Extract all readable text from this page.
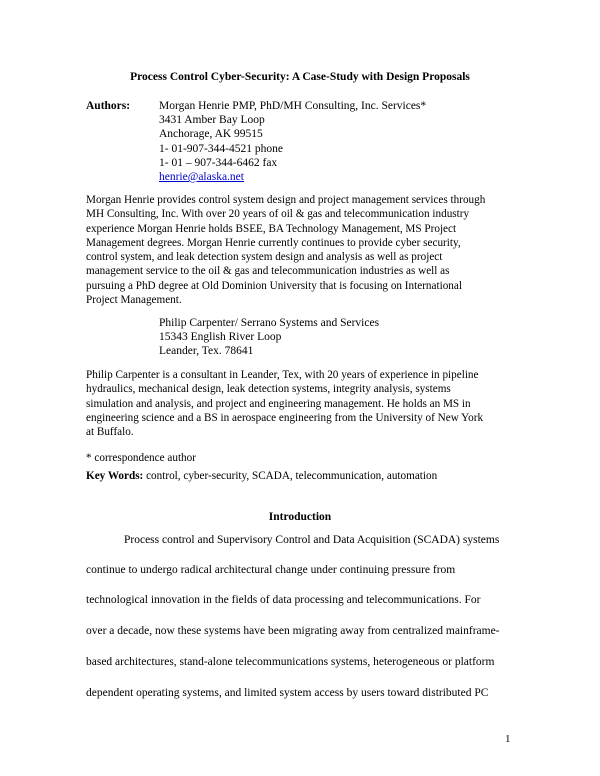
Process Control Cyber-Security: A Case-Study with Design Proposals
Authors:	Morgan Henrie PMP, PhD/MH Consulting, Inc. Services*
3431 Amber Bay Loop
Anchorage, AK 99515
1- 01-907-344-4521 phone
1- 01 – 907-344-6462 fax
henrie@alaska.net
Morgan Henrie provides control system design and project management services through
MH Consulting, Inc. With over 20 years of oil & gas and telecommunication industry
experience Morgan Henrie holds BSEE, BA Technology Management, MS Project
Management degrees. Morgan Henrie currently continues to provide cyber security,
control system, and leak detection system design and analysis as well as project
management service to the oil & gas and telecommunication industries as well as
pursuing a PhD degree at Old Dominion University that is focusing on International
Project Management.
Philip Carpenter/ Serrano Systems and Services
15343 English River Loop
Leander, Tex. 78641
Philip Carpenter is a consultant in Leander, Tex, with 20 years of experience in pipeline
hydraulics, mechanical design, leak detection systems, integrity analysis, systems
simulation and analysis, and project and engineering management. He holds an MS in
engineering science and a BS in aerospace engineering from the University of New York
at Buffalo.
* correspondence author
Key Words: control, cyber-security, SCADA, telecommunication, automation
Introduction
Process control and Supervisory Control and Data Acquisition (SCADA) systems
continue to undergo radical architectural change under continuing pressure from
technological innovation in the fields of data processing and telecommunications. For
over a decade, now these systems have been migrating away from centralized mainframe-
based architectures, stand-alone telecommunications systems, heterogeneous or platform
dependent operating systems, and limited system access by users toward distributed PC
1
